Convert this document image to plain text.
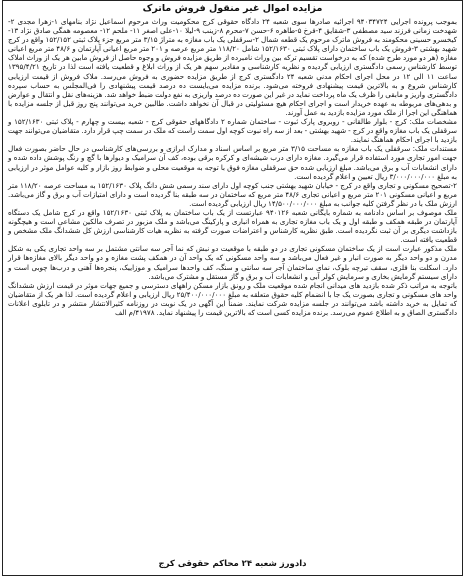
مزایده اموال غیر منقول فروش ماترک

بموجب پرونده اجرایی ۹۴۰۳۴۷۲۴ اجرائیه صادرها سوی شعبه ۲۴ دادگاه حقوقی کرج محکومیت وراث مرحوم اسماعیل نژاد بنامهای ۱-زهرا مجدی ۲-شهدخت زمانی فرزند سید مصطفی ۳-شقایق ۴-فرخ ۵-طاهره ۶-حسن ۷-محرم ۸-زینب ۹-لیلا ۱۰-علی اصغر ۱۱- ملحم ۱۲- معصومه همگی صادق نژاد ۱۳-کیخسرو حسینی محکومند به فروش ماترک مرحوم یک قطعه شمال ۲-سرقفلی یک باب مغازه به متراژ ۳/۱۵ متر مربع جزء پلاک ثبتی ۱۵۲/۱۵۲ واقع در کرج شهید بهشتی ۳-فروش یک باب ساختمان دارای پلاک ثبتی ۱۵۲/۱۶۳۰ شامل ۱۱۸/۲۰ متر مربع عرصه و ۲۰۱ متر مربع اعیانی آپارتمان و ۴۸/۶ متر مربع اعیانی مغازه (هر دو مورد طرح شده) که به درخواست تقسیم ترکه بین وراث نامبرده از طریق مزایده فروش و وجوه حاصل از فروش مابین هر یک از وراث املاک توسط کارشناس رسمی دادگستری ارزیابی گردیده و نظریه کارشناسی و مقادیر سهم هر یک از وراث ابلاغ و قطعیت یافته است لذا در تاریخ ۱۳۹۵/۴/۲۱ ساعت ۱۱ الی ۱۲ در محل اجرای احکام مدنی شعبه ۲۴ دادگستری کرج از طریق مزایده حضوری به فروش می‌رسد. ملاک فروش از قیمت ارزیابی کارشناس شروع و به بالاترین قیمت پیشنهادی فروخته می‌شود. برنده مزایده می‌بایست ده درصد قیمت پیشنهادی را فی‌المجلس به حساب سپرده دادگستری واریز و مابقی را ظرف یک ماه پرداخت نماید در غیر این صورت ده درصد واریزی به نفع دولت ضبط خواهد شد. هزینه‌های نقل و انتقال و عوارض و بدهی‌های مربوطه به عهده خریدار است و اجرای احکام هیچ مسئولیتی در قبال آن نخواهد داشت. طالبین خرید می‌توانند پنج روز قبل از جلسه مزایده با هماهنگی این اجرا از ملک مورد مزایده بازدید به عمل آورند.

مشخصات ملک: کرج - بلوار طالقانی - روبروی پارک ثبوت - ساختمان شماره ۲ دادگاههای حقوقی کرج - شعبه بیست و چهارم - پلاک ثبتی ۱۵۲/۱۶۳۰ و سرقفلی یک باب مغازه واقع در کرج - شهید بهشتی - بعد از سه راه نبوت کوچه اول سمت راست که ملک در سمت چپ قرار دارد. متقاضیان می‌توانند جهت بازدید با اجرای احکام هماهنگ نمایند.

مستندات ملک: سرقفلی یک باب مغازه به مساحت ۳/۱۵ متر مربع بر اساس اسناد و مدارک ابرازی و بررسی‌های کارشناسی در حال حاضر بصورت فعال جهت امور تجاری مورد استفاده قرار می‌گیرد. مغازه دارای درب شیشه‌ای و کرکره برقی بوده، کف آن سرامیک و دیوارها با گچ و رنگ پوشش داده شده و دارای انشعابات آب و برق می‌باشد. مبلغ ارزیابی شده حق سرقفلی مغازه فوق با توجه به موقعیت محلی و ضوابط روز بازار و کلیه عوامل موثر در ارزیابی به مبلغ ۳/۰۰۰/۰۰۰/۰۰۰ ریال تعیین و اعلام گردیده است.

۲-تصحیح مسکونی و تجاری واقع در کرج - خیابان شهید بهشتی جنب کوچه اول دارای سند رسمی شش دانگ پلاک ۱۵۲/۱۶۳۰ به مساحت عرصه ۱۱۸/۲۰ متر مربع و اعیانی مسکونی ۲۰۱ متر مربع و اعیانی تجاری ۴۸/۶ متر مربع که ساختمان در سه طبقه بنا گردیده است و دارای امتیازات آب و برق و گاز می‌باشد. ارزش ملک با در نظر گرفتن کلیه جوانب به مبلغ ۱۴/۵۰۰/۰۰۰/۰۰۰ ریال ارزیابی گردیده است.

ملک موصوف بر اساس دادنامه به شماره بایگانی شعبه ۹۴۰۱۲۶ عبارتست از یک باب ساختمان به پلاک ثبتی ۱۵۲/۱۶۳۰ واقع در کرج شامل یک دستگاه آپارتمان در طبقه همکف و طبقه اول و یک باب مغازه تجاری به همراه انباری و پارکینگ می‌باشد و ملک مزبور در تصرف مالکین مشاعی است و هیچگونه بازداشت دیگری بر آن ثبت نگردیده است. طبق نظریه کارشناس و اعتراضات صورت گرفته به نظریه هیات کارشناسی ارزش کل ششدانگ ملک مشخص و قطعیت یافته است.

ملک مذکور عبارت است از یک ساختمان مسکونی تجاری در دو طبقه با موقعیت دو نبش که نما آجر سه سانتی مشتمل بر سه واحد تجاری یکی به شکل مدرن و دو واحد دیگر به صورت انبار و غیر فعال می‌باشد و سه واحد مسکونی که یک واحد آن در همکف پشت مغازه و دو واحد دیگر بالای مغازه‌ها قرار دارد. اسکلت بنا فلزی، سقف تیرچه بلوک، نمای ساختمان آجر سه سانتی و سنگ، کف واحدها سرامیک و موزاییک، پنجره‌ها آهنی و درب‌ها چوبی است و دارای سیستم گرمایش بخاری و سرمایش کولر آبی و انشعابات آب و برق و گاز مستقل و مشترک می‌باشد.

باتوجه به مراتب ذکر شده بازدید های میدانی انجام شده موقعیت ملک و رونق بازار مسکن راههای دسترسی و جمیع جهات موثر در قیمت ارزش ششدانگ واحد های مسکونی و تجاری بصورت یک جا با انضمام کلیه حقوق متعلقه به مبلغ ۲۵/۴۰۰/۰۰۰/۰۰۰ ریال ارزیابی و اعلام گردیده است. لذا هر یک از متقاضیان که تمایل به خرید داشته باشد می‌توانند در جلسه مزایده شرکت نمایند. ضمناً این آگهی در یک نوبت در روزنامه کثیرالانتشار منتشر و در تابلوی اعلانات دادگستری الصاق و به اطلاع عموم می‌رسد. برنده مزایده کسی است که بالاترین قیمت را پیشنهاد نماید. ۴۱۹۷۸/م الف

دادورز شعبه ۲۴ محاکم حقوقی کرج
